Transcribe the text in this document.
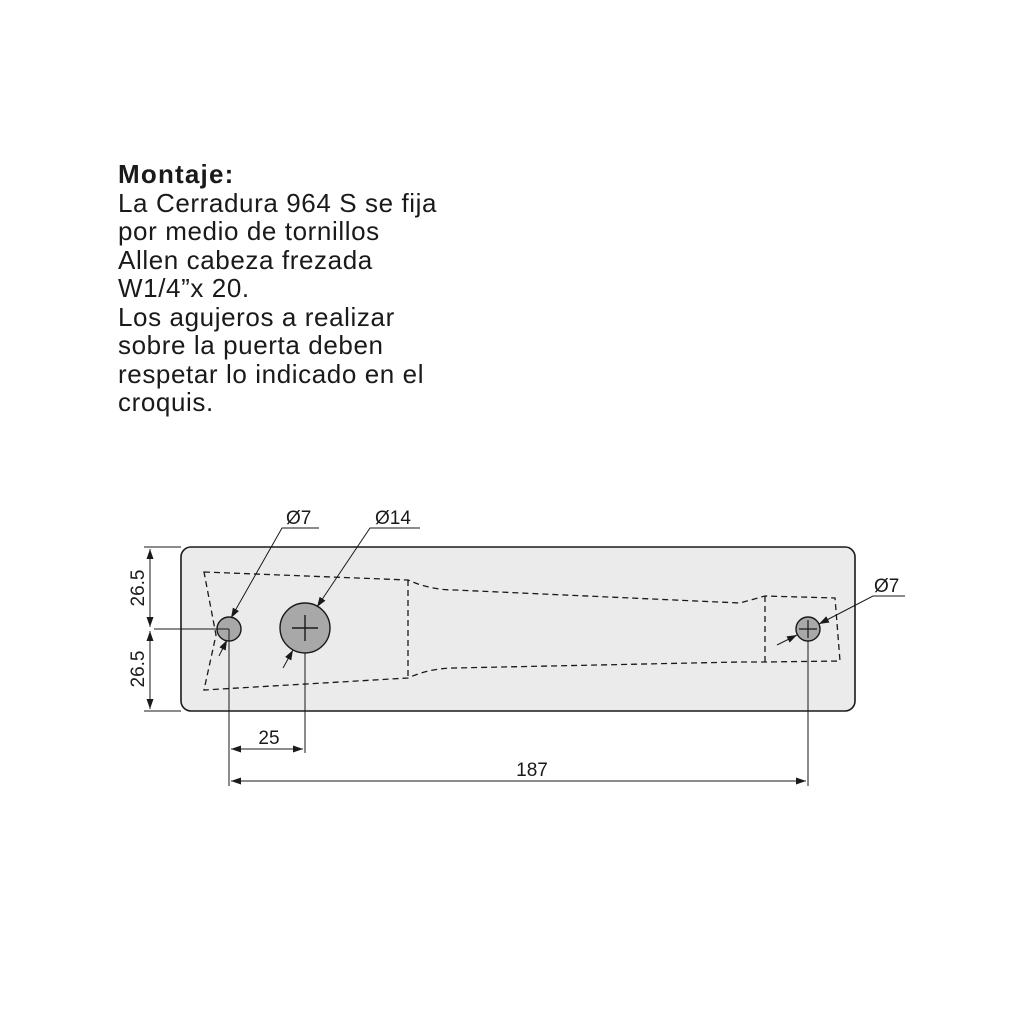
Montaje:
La Cerradura 964 S se fija
por medio de tornillos
Allen cabeza frezada
W1/4”x 20.
Los agujeros a realizar
sobre la puerta deben
respetar lo indicado en el
croquis.
26.5
26.5
25
187
Ø7	Ø14
Ø7
